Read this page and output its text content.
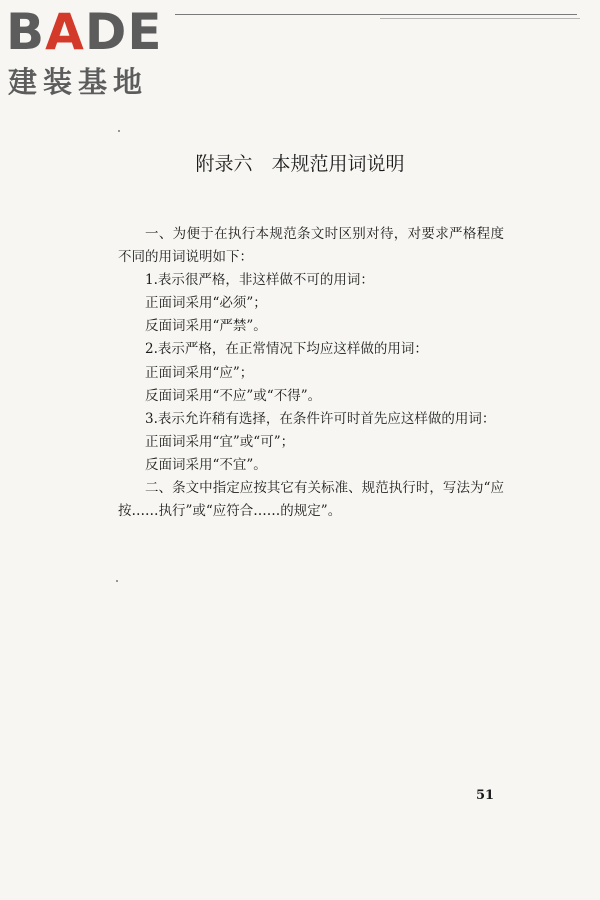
BADE
建装基地
附录六　本规范用词说明

一、为便于在执行本规范条文时区别对待，对要求严格程度不同的用词说明如下：

1.表示很严格，非这样做不可的用词：

正面词采用“必须”；

反面词采用“严禁”。

2.表示严格，在正常情况下均应这样做的用词：

正面词采用“应”；

反面词采用“不应”或“不得”。

3.表示允许稍有选择，在条件许可时首先应这样做的用词：

正面词采用“宜”或“可”；

反面词采用“不宜”。

二、条文中指定应按其它有关标准、规范执行时，写法为“应按……执行”或“应符合……的规定”。

51
